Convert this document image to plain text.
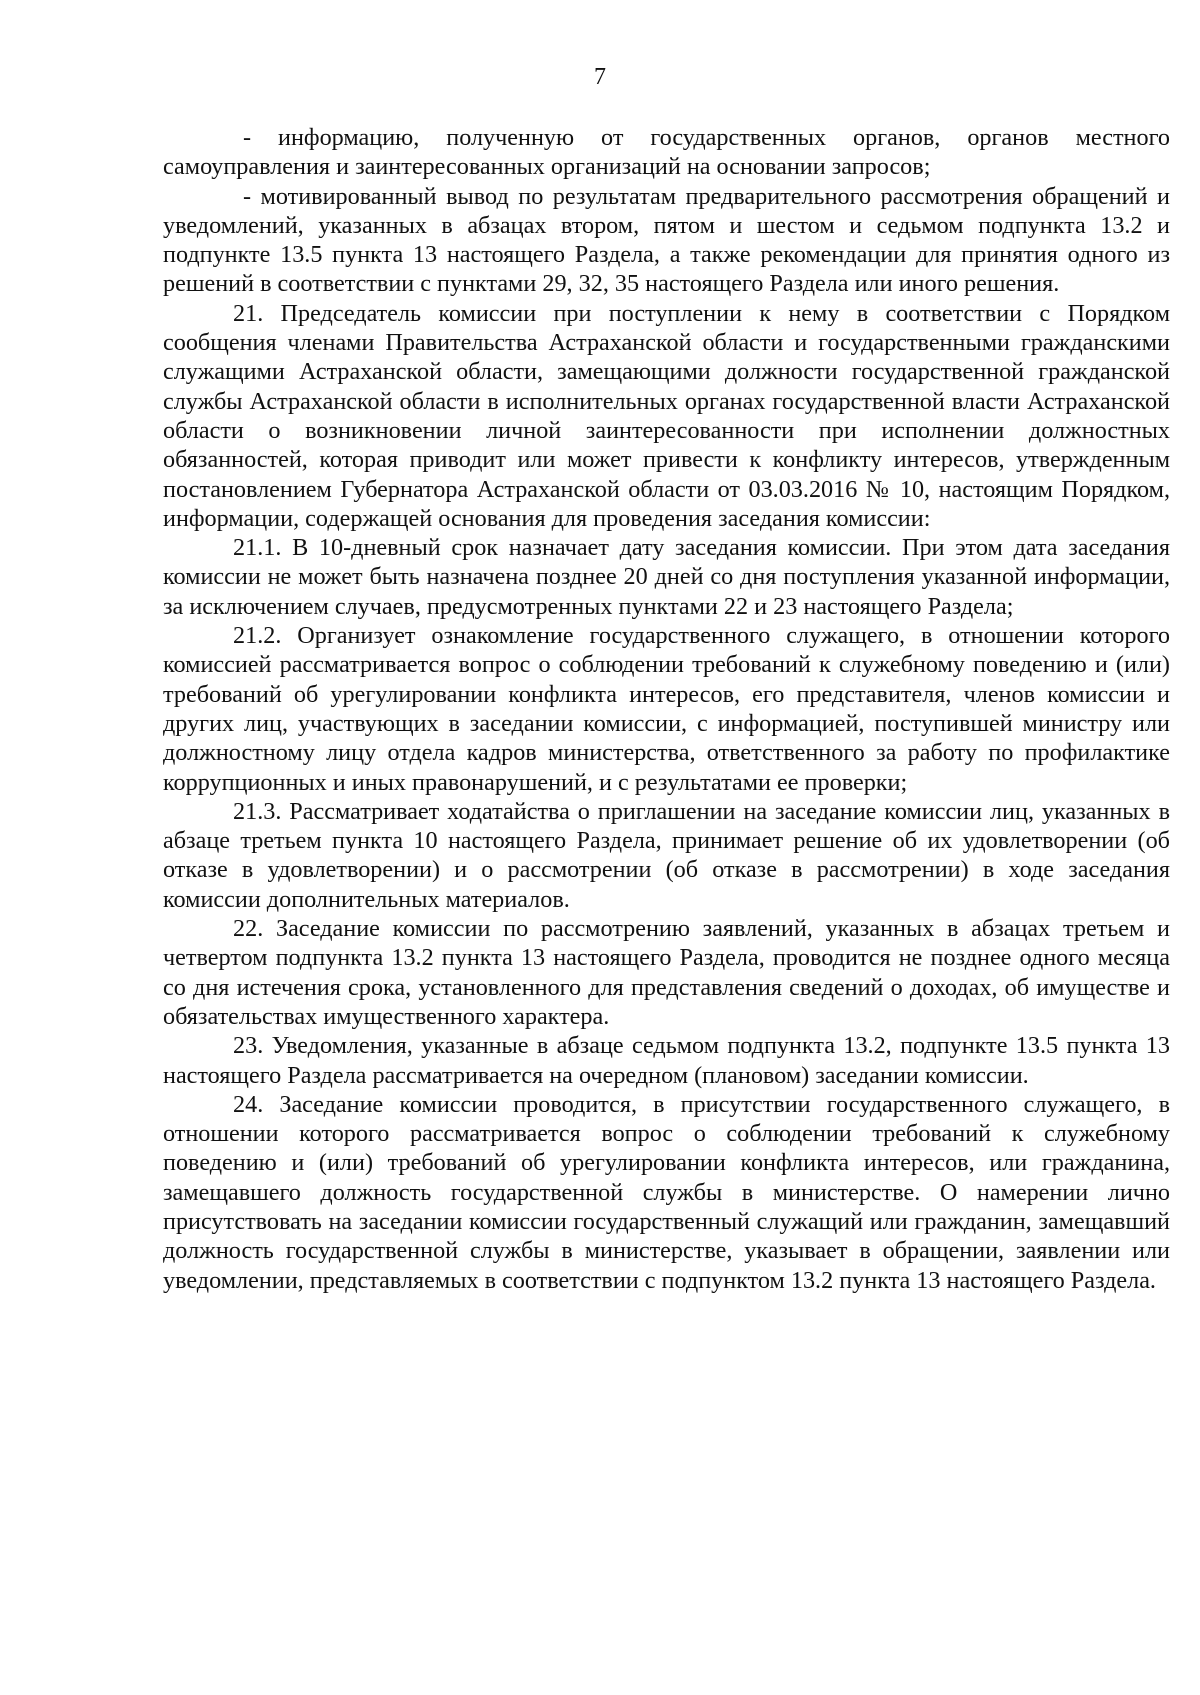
7

- информацию, полученную от государственных органов, органов местного самоуправления и заинтересованных организаций на основании запросов;

- мотивированный вывод по результатам предварительного рассмотрения обращений и уведомлений, указанных в абзацах втором, пятом и шестом и седьмом подпункта 13.2 и подпункте 13.5 пункта 13 настоящего Раздела, а также рекомендации для принятия одного из решений в соответствии с пунктами 29, 32, 35 настоящего Раздела или иного решения.

21. Председатель комиссии при поступлении к нему в соответствии с Порядком сообщения членами Правительства Астраханской области и государственными гражданскими служащими Астраханской области, замещающими должности государственной гражданской службы Астраханской области в исполнительных органах государственной власти Астраханской области о возникновении личной заинтересованности при исполнении должностных обязанностей, которая приводит или может привести к конфликту интересов, утвержденным постановлением Губернатора Астраханской области от 03.03.2016 № 10, настоящим Порядком, информации, содержащей основания для проведения заседания комиссии:

21.1. В 10-дневный срок назначает дату заседания комиссии. При этом дата заседания комиссии не может быть назначена позднее 20 дней со дня поступления указанной информации, за исключением случаев, предусмотренных пунктами 22 и 23 настоящего Раздела;

21.2. Организует ознакомление государственного служащего, в отношении которого комиссией рассматривается вопрос о соблюдении требований к служебному поведению и (или) требований об урегулировании конфликта интересов, его представителя, членов комиссии и других лиц, участвующих в заседании комиссии, с информацией, поступившей министру или должностному лицу отдела кадров министерства, ответственного за работу по профилактике коррупционных и иных правонарушений, и с результатами ее проверки;

21.3. Рассматривает ходатайства о приглашении на заседание комиссии лиц, указанных в абзаце третьем пункта 10 настоящего Раздела, принимает решение об их удовлетворении (об отказе в удовлетворении) и о рассмотрении (об отказе в рассмотрении) в ходе заседания комиссии дополнительных материалов.

22. Заседание комиссии по рассмотрению заявлений, указанных в абзацах третьем и четвертом подпункта 13.2 пункта 13 настоящего Раздела, проводится не позднее одного месяца со дня истечения срока, установленного для представления сведений о доходах, об имуществе и обязательствах имущественного характера.

23. Уведомления, указанные в абзаце седьмом подпункта 13.2, подпункте 13.5 пункта 13 настоящего Раздела рассматривается на очередном (плановом) заседании комиссии.

24. Заседание комиссии проводится, в присутствии государственного служащего, в отношении которого рассматривается вопрос о соблюдении требований к служебному поведению и (или) требований об урегулировании конфликта интересов, или гражданина, замещавшего должность государственной службы в министерстве. О намерении лично присутствовать на заседании комиссии государственный служащий или гражданин, замещавший должность государственной службы в министерстве, указывает в обращении, заявлении или уведомлении, представляемых в соответствии с подпунктом 13.2 пункта 13 настоящего Раздела.
